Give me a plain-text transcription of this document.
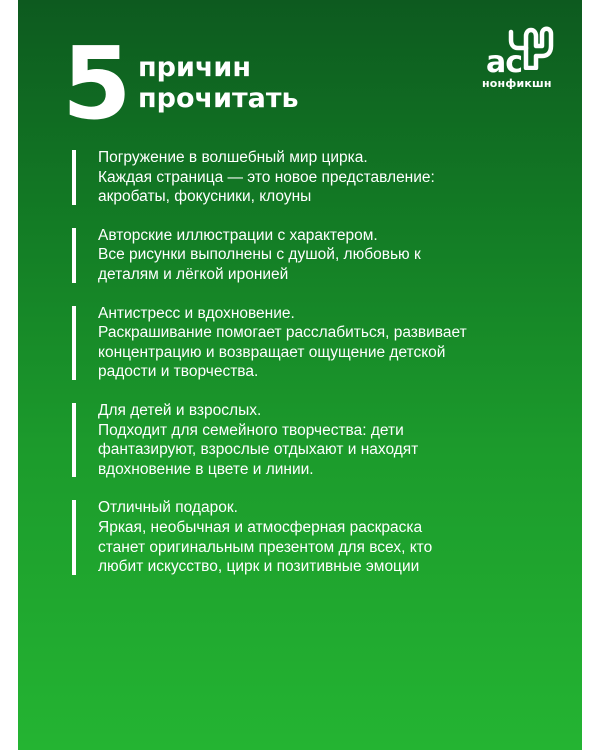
5 причин
прочитать
ac
нонфикшн
Погружение в волшебный мир цирка.
Каждая страница — это новое представление:
акробаты, фокусники, клоуны
Авторские иллюстрации с характером.
Все рисунки выполнены с душой, любовью к
деталям и лёгкой иронией
Антистресс и вдохновение.
Раскрашивание помогает расслабиться, развивает
концентрацию и возвращает ощущение детской
радости и творчества.
Для детей и взрослых.
Подходит для семейного творчества: дети
фантазируют, взрослые отдыхают и находят
вдохновение в цвете и линии.
Отличный подарок.
Яркая, необычная и атмосферная раскраска
станет оригинальным презентом для всех, кто
любит искусство, цирк и позитивные эмоции
